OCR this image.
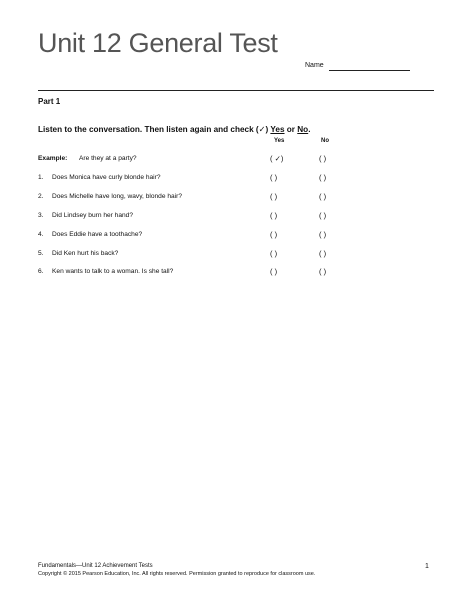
Unit 12 General Test
Name
Part 1
Listen to the conversation. Then listen again and check (✓) Yes or No.
Yes	No
Example: Are they at a party?	( ✓)	( )
1. Does Monica have curly blonde hair?	( )	( )
2. Does Michelle have long, wavy, blonde hair?	( )	( )
3. Did Lindsey burn her hand?	( )	( )
4. Does Eddie have a toothache?	( )	( )
5. Did Ken hurt his back?	( )	( )
6. Ken wants to talk to a woman. Is she tall?	( )	( )
Fundamentals—Unit 12 Achievement Tests
Copyright © 2015 Pearson Education, Inc. All rights reserved. Permission granted to reproduce for classroom use.
1
